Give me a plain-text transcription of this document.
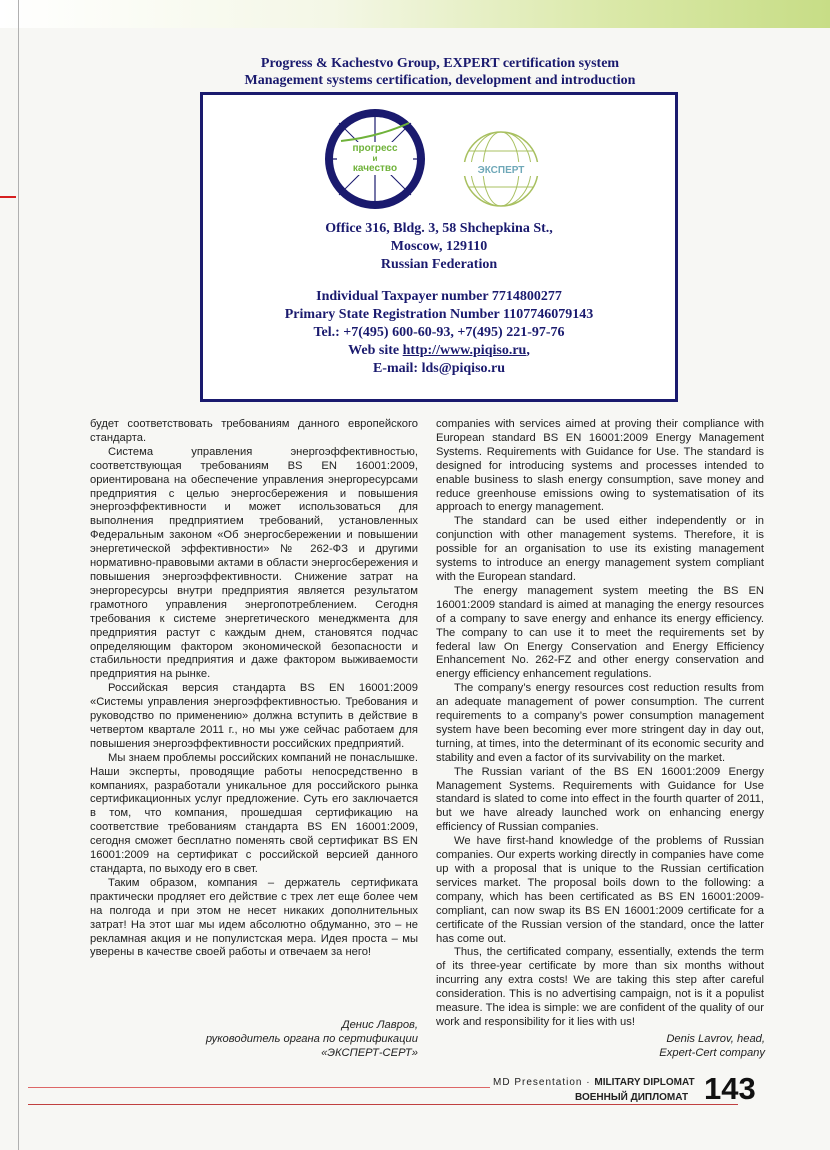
Progress & Kachestvo Group, EXPERT certification system
Management systems certification, development and introduction
прогресс
и
качество	ЭКСПЕРТ
Office 316, Bldg. 3, 58 Shchepkina St.,
Moscow, 129110
Russian Federation
Individual Taxpayer number 7714800277
Primary State Registration Number 1107746079143
Tel.: +7(495) 600-60-93, +7(495) 221-97-76
Web site http://www.piqiso.ru,
E-mail: lds@piqiso.ru

будет соответствовать требованиям данного европейского стандарта.

Система управления энергоэффективностью, соответствующая требованиям BS EN 16001:2009, ориентирована на обеспечение управления энергоресурсами предприятия с целью энергосбережения и повышения энергоэффективности и может использоваться для выполнения предприятием требований, установленных Федеральным законом «Об энергосбережении и повышении энергетической эффективности» № 262-ФЗ и другими нормативно-правовыми актами в области энергосбережения и повышения энергоэффективности. Снижение затрат на энергоресурсы внутри предприятия является результатом грамотного управления энергопотреблением. Сегодня требования к системе энергетического менеджмента для предприятия растут с каждым днем, становятся подчас определяющим фактором экономической безопасности и стабильности предприятия и даже фактором выживаемости предприятия на рынке.

Российская версия стандарта BS EN 16001:2009 «Системы управления энергоэффективностью. Требования и руководство по применению» должна вступить в действие в четвертом квартале 2011 г., но мы уже сейчас работаем для повышения энергоэффективности российских предприятий.

Мы знаем проблемы российских компаний не понаслышке. Наши эксперты, проводящие работы непосредственно в компаниях, разработали уникальное для российского рынка сертификационных услуг предложение. Суть его заключается в том, что компания, прошедшая сертификацию на соответствие требованиям стандарта BS EN 16001:2009, сегодня сможет бесплатно поменять свой сертификат BS EN 16001:2009 на сертификат с российской версией данного стандарта, по выходу его в свет.

Таким образом, компания – держатель сертификата практически продляет его действие с трех лет еще более чем на полгода и при этом не несет никаких дополнительных затрат! На этот шаг мы идем абсолютно обдуманно, это – не рекламная акция и не популистская мера. Идея проста – мы уверены в качестве своей работы и отвечаем за него!

Денис Лавров,
руководитель органа по сертификации
«ЭКСПЕРТ-СЕРТ»

companies with services aimed at proving their compliance with European standard BS EN 16001:2009 Energy Management Systems. Requirements with Guidance for Use. The standard is designed for introducing systems and processes intended to enable business to slash energy consumption, save money and reduce greenhouse emissions owing to systematisation of its approach to energy management.

The standard can be used either independently or in conjunction with other management systems. Therefore, it is possible for an organisation to use its existing management systems to introduce an energy management system compliant with the European standard.

The energy management system meeting the BS EN 16001:2009 standard is aimed at managing the energy resources of a company to save energy and enhance its energy efficiency. The company to can use it to meet the requirements set by federal law On Energy Conservation and Energy Efficiency Enhancement No. 262-FZ and other energy conservation and energy efficiency enhancement regulations.

The company’s energy resources cost reduction results from an adequate management of power consumption. The current requirements to a company’s power consumption management system have been becoming ever more stringent day in day out, turning, at times, into the determinant of its economic security and stability and even a factor of its survivability on the market.

The Russian variant of the BS EN 16001:2009 Energy Management Systems. Requirements with Guidance for Use standard is slated to come into effect in the fourth quarter of 2011, but we have already launched work on enhancing energy efficiency of Russian companies.

We have first-hand knowledge of the problems of Russian companies. Our experts working directly in companies have come up with a proposal that is unique to the Russian certification services market. The proposal boils down to the following: a company, which has been certificated as BS EN 16001:2009-compliant, can now swap its BS EN 16001:2009 certificate for a certificate of the Russian version of the standard, once the latter has come out.

Thus, the certificated company, essentially, extends the term of its three-year certificate by more than six months without incurring any extra costs! We are taking this step after careful consideration. This is no advertising campaign, not is it a populist measure. The idea is simple: we are confident of the quality of our work and responsibility for it lies with us!

Denis Lavrov, head,
Expert-Cert company
MD Presentation · MILITARY DIPLOMAT
ВОЕННЫЙ ДИПЛОМАТ 143
